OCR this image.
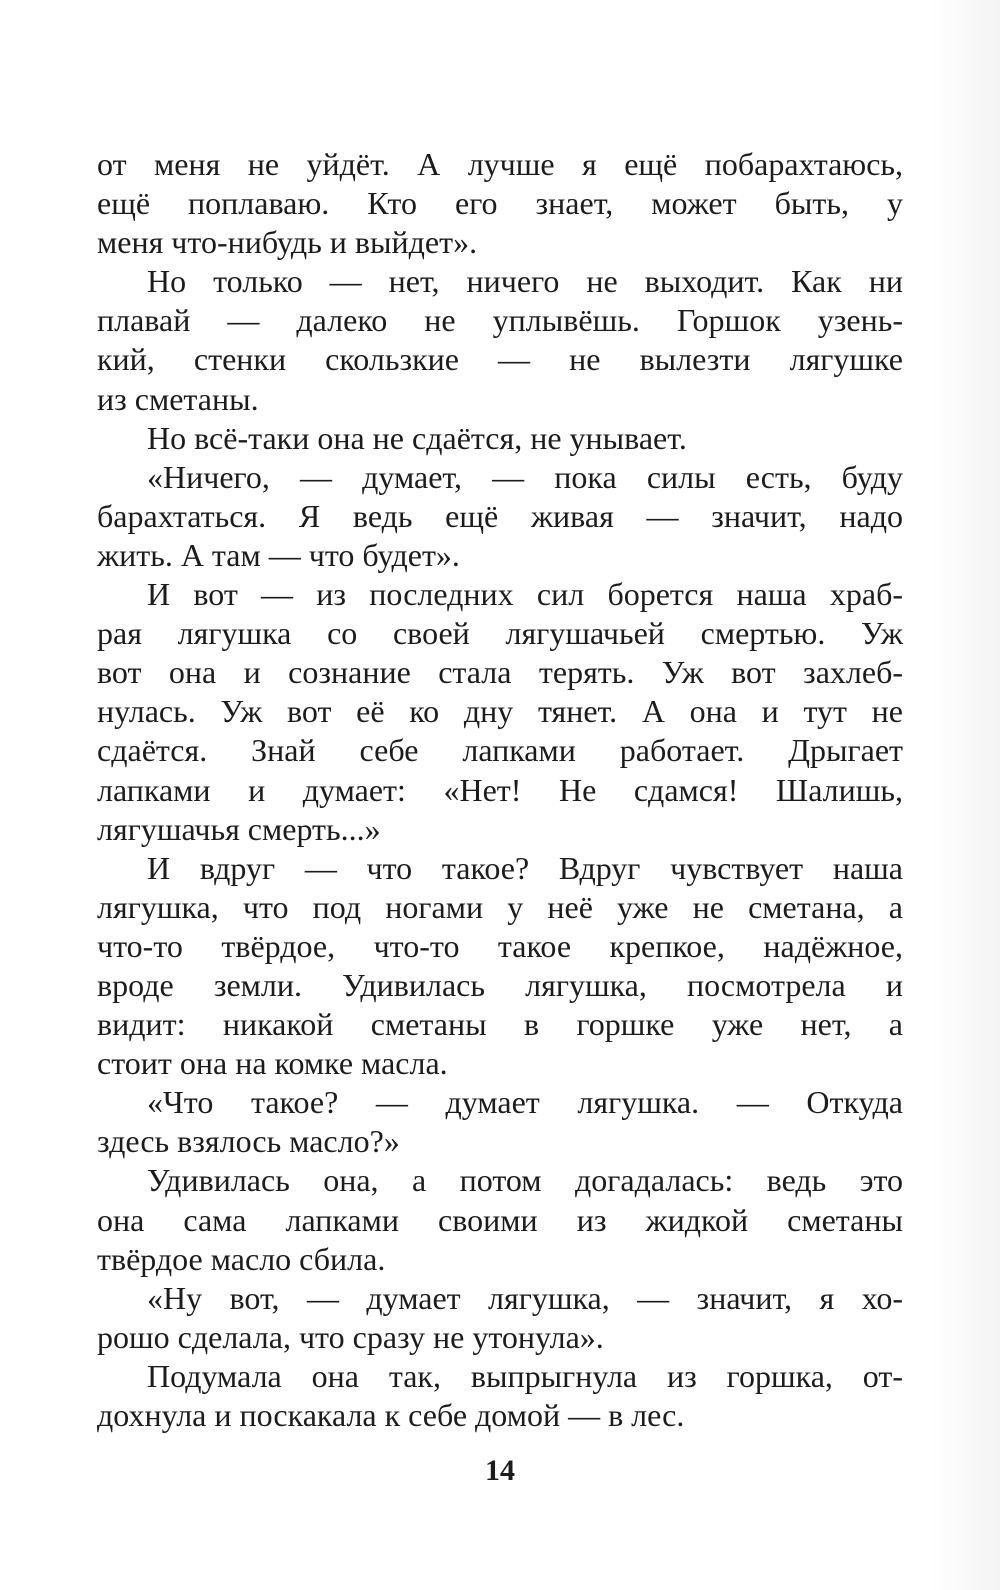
от меня не уйдёт. А лучше я ещё побарахтаюсь,
ещё поплаваю. Кто его знает, может быть, у
меня что-нибудь и выйдет».
Но только — нет, ничего не выходит. Как ни
плавай — далеко не уплывёшь. Горшок узень-
кий, стенки скользкие — не вылезти лягушке
из сметаны.
Но всё-таки она не сдаётся, не унывает.
«Ничего, — думает, — пока силы есть, буду
барахтаться. Я ведь ещё живая — значит, надо
жить. А там — что будет».
И вот — из последних сил борется наша храб-
рая лягушка со своей лягушачьей смертью. Уж
вот она и сознание стала терять. Уж вот захлеб-
нулась. Уж вот её ко дну тянет. А она и тут не
сдаётся. Знай себе лапками работает. Дрыгает
лапками и думает: «Нет! Не сдамся! Шалишь,
лягушачья смерть...»
И вдруг — что такое? Вдруг чувствует наша
лягушка, что под ногами у неё уже не сметана, а
что-то твёрдое, что-то такое крепкое, надёжное,
вроде земли. Удивилась лягушка, посмотрела и
видит: никакой сметаны в горшке уже нет, а
стоит она на комке масла.
«Что такое? — думает лягушка. — Откуда
здесь взялось масло?»
Удивилась она, а потом догадалась: ведь это
она сама лапками своими из жидкой сметаны
твёрдое масло сбила.
«Ну вот, — думает лягушка, — значит, я хо-
рошо сделала, что сразу не утонула».
Подумала она так, выпрыгнула из горшка, от-
дохнула и поскакала к себе домой — в лес.
14
